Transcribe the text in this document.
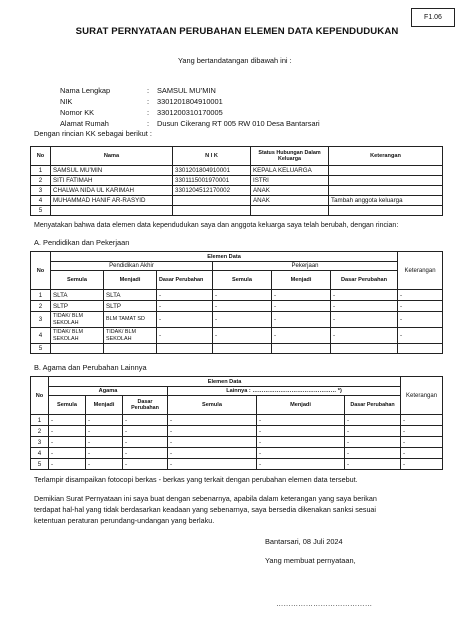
F1.06
SURAT PERNYATAAN PERUBAHAN ELEMEN DATA KEPENDUDUKAN
Yang bertandatangan dibawah ini :
Nama Lengkap	: SAMSUL MU’MIN
NIK	: 3301201804910001
Nomor KK	: 3301200310170005
Alamat Rumah	: Dusun Cikerang RT 005 RW 010 Desa Bantarsari
Dengan rincian KK sebagai berikut :
No	Nama	N I K	Status Hubungan Dalam Keluarga	Keterangan
1	SAMSUL MU’MIN	3301201804910001	KEPALA KELUARGA	
2	SITI FATIMAH	3301115001970001	ISTRI	
3	CHALWA NIDA UL KARIMAH	3301204512170002	ANAK	
4	MUHAMMAD HANIF AR-RASYID		ANAK	Tambah anggota keluarga
5				
Menyatakan bahwa data elemen data kependudukan saya dan anggota keluarga saya telah berubah, dengan rincian:
A. Pendidikan dan Pekerjaan
No	Elemen Data						Keterangan
	Pendidikan Akhir			Pekerjaan			
	Semula	Menjadi	Dasar Perubahan	Semula	Menjadi	Dasar Perubahan	
1	SLTA	SLTA	-	-	-	-	-
2	SLTP	SLTP	-	-	-	-	-
3	TIDAK/ BLM SEKOLAH	BLM TAMAT SD	-	-	-	-	-
4	TIDAK/ BLM SEKOLAH	TIDAK/ BLM SEKOLAH	-	-	-	-	-
5							
B. Agama dan Perubahan Lainnya
No	Elemen Data						Keterangan
	Agama			Lainnya : ……………………………………… *)			
	Semula	Menjadi	Dasar Perubahan	Semula	Menjadi	Dasar Perubahan	
1	-	-	-	-	-	-	-
2	-	-	-	-	-	-	-
3	-	-	-	-	-	-	-
4	-	-	-	-	-	-	-
5	-	-	-	-	-	-	-
Terlampir disampaikan fotocopi berkas - berkas yang terkait dengan perubahan elemen data tersebut.
Demikian Surat Pernyataan ini saya buat dengan sebenarnya, apabila dalam keterangan yang saya berikan
terdapat hal-hal yang tidak berdasarkan keadaan yang sebenarnya, saya bersedia dikenakan sanksi sesuai
ketentuan peraturan perundang-undangan yang berlaku.
Bantarsari, 08 Juli 2024
Yang membuat pernyataan,
…………………………………
